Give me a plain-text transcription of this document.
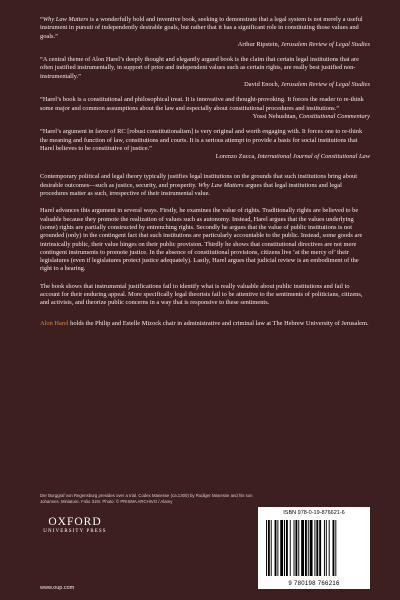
“Why Law Matters is a wonderfully bold and inventive book, seeking to demonstrate that a legal system is not merely a useful instrument in pursuit of independently desirable goals, but rather that it has a significant role in constituting those values and goals.”

Arthur Ripstein, Jerusalem Review of Legal Studies

“A central theme of Alon Harel’s deeply thought and elegantly argued book is the claim that certain legal institutions that are often justified instrumentally, in support of prior and independent values such as certain rights, are really best justified non-instrumentally.”

David Enoch, Jerusalem Review of Legal Studies

“Harel’s book is a constitutional and philosophical treat. It is innovative and thought-provoking. It forces the reader to re-think some major and common assumptions about the law and especially about constitutional procedures and institutions.”

Yossi Nehushtan, Constitutional Commentary

“Harel’s argument in favor of RC [robust constitutionalism] is very original and worth engaging with. It forces one to re-think the meaning and function of law, constitutions and courts. It is a serious attempt to provide a basis for social institutions that Harel believes to be constitutive of justice.”

Lorenzo Zucca, International Journal of Constitutional Law

Contemporary political and legal theory typically justifies legal institutions on the grounds that such institutions bring about desirable outcomes—such as justice, security, and prosperity. Why Law Matters argues that legal institutions and legal procedures matter as such, irrespective of their instrumental value.

Harel advances this argument in several ways. Firstly, he examines the value of rights. Traditionally rights are believed to be valuable because they promote the realization of values such as autonomy. Instead, Harel argues that the values underlying (some) rights are partially constructed by entrenching rights. Secondly he argues that the value of public institutions is not grounded (only) in the contingent fact that such institutions are particularly accountable to the public. Instead, some goods are intrinsically public, their value hinges on their public provision. Thirdly he shows that constitutional directives are not mere contingent instruments to promote justice. In the absence of constitutional provisions, citizens live ‘at the mercy of’ their legislatures (even if legislatures protect justice adequately). Lastly, Harel argues that judicial review is an embodiment of the right to a hearing.

The book shows that instrumental justifications fail to identify what is really valuable about public institutions and fail to account for their enduring appeal. More specifically legal theorists fail to be attentive to the sentiments of politicians, citizens, and activists, and theorize public concerns in a way that is responsive to these sentiments.

Alon Harel holds the Philip and Estelle Mizock chair in administrative and criminal law at The Hebrew University of Jerusalem.

Der Burggraf von Regensburg presides over a trial. Codex Manesse (ca.1300) by Rudiger Manesse and his son Johannes. Miniature. Folio 318r. Photo: © PRISMA ARCHIVO / Alamy
OXFORD
UNIVERSITY PRESS
www.oup.com
ISBN 978-0-19-876621-6
9 780198 766216
